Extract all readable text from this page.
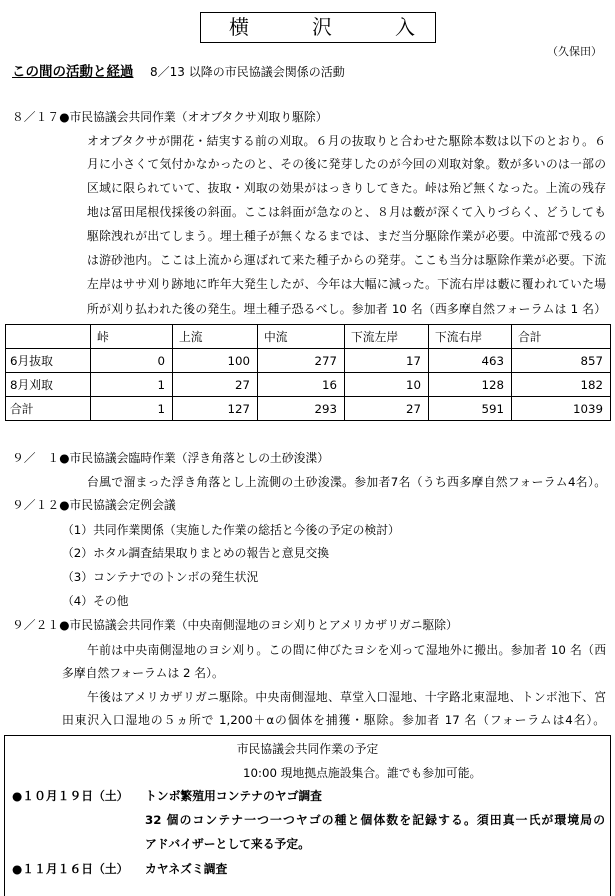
横沢入
（久保田）
この間の活動と経過	8／13 以降の市民協議会関係の活動
８／１７●市民協議会共同作業（オオブタクサ刈取り駆除）
オオブタクサが開花・結実する前の刈取。６月の抜取りと合わせた駆除本数は以下のとおり。６
月に小さくて気付かなかったのと、その後に発芽したのが今回の刈取対象。数が多いのは一部の
区域に限られていて、抜取・刈取の効果がはっきりしてきた。峠は殆ど無くなった。上流の残存
地は冨田尾根伐採後の斜面。ここは斜面が急なのと、８月は藪が深くて入りづらく、どうしても
駆除洩れが出てしまう。埋土種子が無くなるまでは、まだ当分駆除作業が必要。中流部で残るの
は游砂池内。ここは上流から運ばれて来た種子からの発芽。ここも当分は駆除作業が必要。下流
左岸はササ刈り跡地に昨年大発生したが、今年は大幅に減った。下流右岸は藪に覆われていた場
所が刈り払われた後の発生。埋土種子恐るべし。参加者 10 名（西多摩自然フォーラムは 1 名）
	峠	上流	中流	下流左岸	下流右岸	合計
6月抜取	0	100	277	17	463	857
8月刈取	1	27	16	10	128	182
合計	1	127	293	27	591	1039
９／　１●市民協議会臨時作業（浮き角落としの土砂浚渫）
台風で溜まった浮き角落とし上流側の土砂浚渫。参加者7名（うち西多摩自然フォーラム4名）。
９／１２●市民協議会定例会議
（1）共同作業関係（実施した作業の総括と今後の予定の検討）
（2）ホタル調査結果取りまとめの報告と意見交換
（3）コンテナでのトンボの発生状況
（4）その他
９／２１●市民協議会共同作業（中央南側湿地のヨシ刈りとアメリカザリガニ駆除）
午前は中央南側湿地のヨシ刈り。この間に伸びたヨシを刈って湿地外に搬出。参加者 10 名（西
多摩自然フォーラムは 2 名）。
午後はアメリカザリガニ駆除。中央南側湿地、草堂入口湿地、十字路北東湿地、トンボ池下、宮
田東沢入口湿地の５ヵ所で 1,200＋αの個体を捕獲・駆除。参加者 17 名（フォーラムは4名）。
市民協議会共同作業の予定
10:00 現地拠点施設集合。誰でも参加可能。
●１０月１９日（土）	トンボ繁殖用コンテナのヤゴ調査
32 個のコンテナ一つ一つヤゴの種と個体数を記録する。須田真一氏が環境局の
アドバイザーとして来る予定。
●１１月１６日（土）	カヤネズミ調査
